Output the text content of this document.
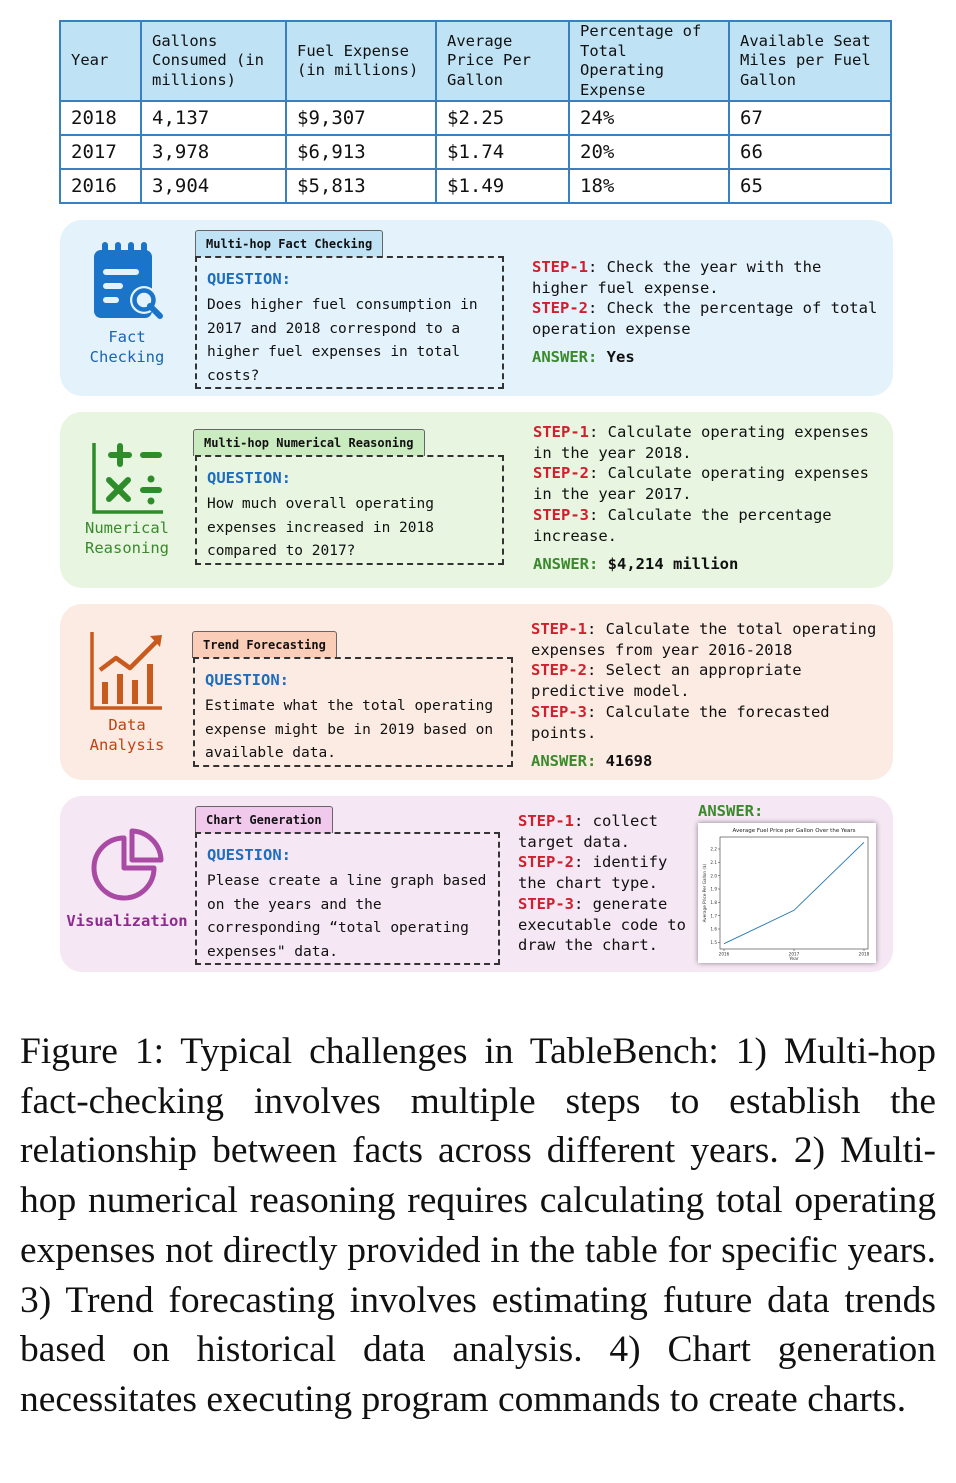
Year	Gallons Consumed (in millions)	Fuel Expense (in millions)	Average Price Per Gallon	Percentage of Total Operating Expense	Available Seat Miles per Fuel Gallon
2018	4,137	$9,307	$2.25	24%	67
2017	3,978	$6,913	$1.74	20%	66
2016	3,904	$5,813	$1.49	18%	65
Fact
Checking
Multi-hop Fact Checking
QUESTION:
Does higher fuel consumption in
2017 and 2018 correspond to a
higher fuel expenses in total
costs?
STEP-1: Check the year with the
higher fuel expense.
STEP-2: Check the percentage of total
operation expense
ANSWER: Yes
Numerical
Reasoning
Multi-hop Numerical Reasoning
QUESTION:
How much overall operating
expenses increased in 2018
compared to 2017?
STEP-1: Calculate operating expenses
in the year 2018.
STEP-2: Calculate operating expenses
in the year 2017.
STEP-3: Calculate the percentage
increase.
ANSWER: $4,214 million
Data
Analysis
Trend Forecasting
QUESTION:
Estimate what the total operating
expense might be in 2019 based on
available data.
STEP-1: Calculate the total operating
expenses from year 2016-2018
STEP-2: Select an appropriate
predictive model.
STEP-3: Calculate the forecasted
points.
ANSWER: 41698
Visualization
Chart Generation
QUESTION:
Please create a line graph based
on the years and the
corresponding “total operating
expenses" data.
STEP-1: collect
target data.
STEP-2: identify
the chart type.
STEP-3: generate
executable code to
draw the chart.
ANSWER:
Average Fuel Price per Gallon Over the Years
1.5
1.6
1.7
1.8
1.9
2.0
2.1
2.2
2016	2017	2018
Year
Average Price Per Gallon ($)
Figure 1: Typical challenges in TableBench: 1) Multi-hop fact-checking involves multiple steps to establish the relationship between facts across different years. 2) Multi-hop numerical reasoning requires calculating total operating expenses not directly provided in the table for specific years. 3) Trend forecasting involves estimating future data trends based on historical data analysis. 4) Chart generation necessitates executing program commands to create charts.
